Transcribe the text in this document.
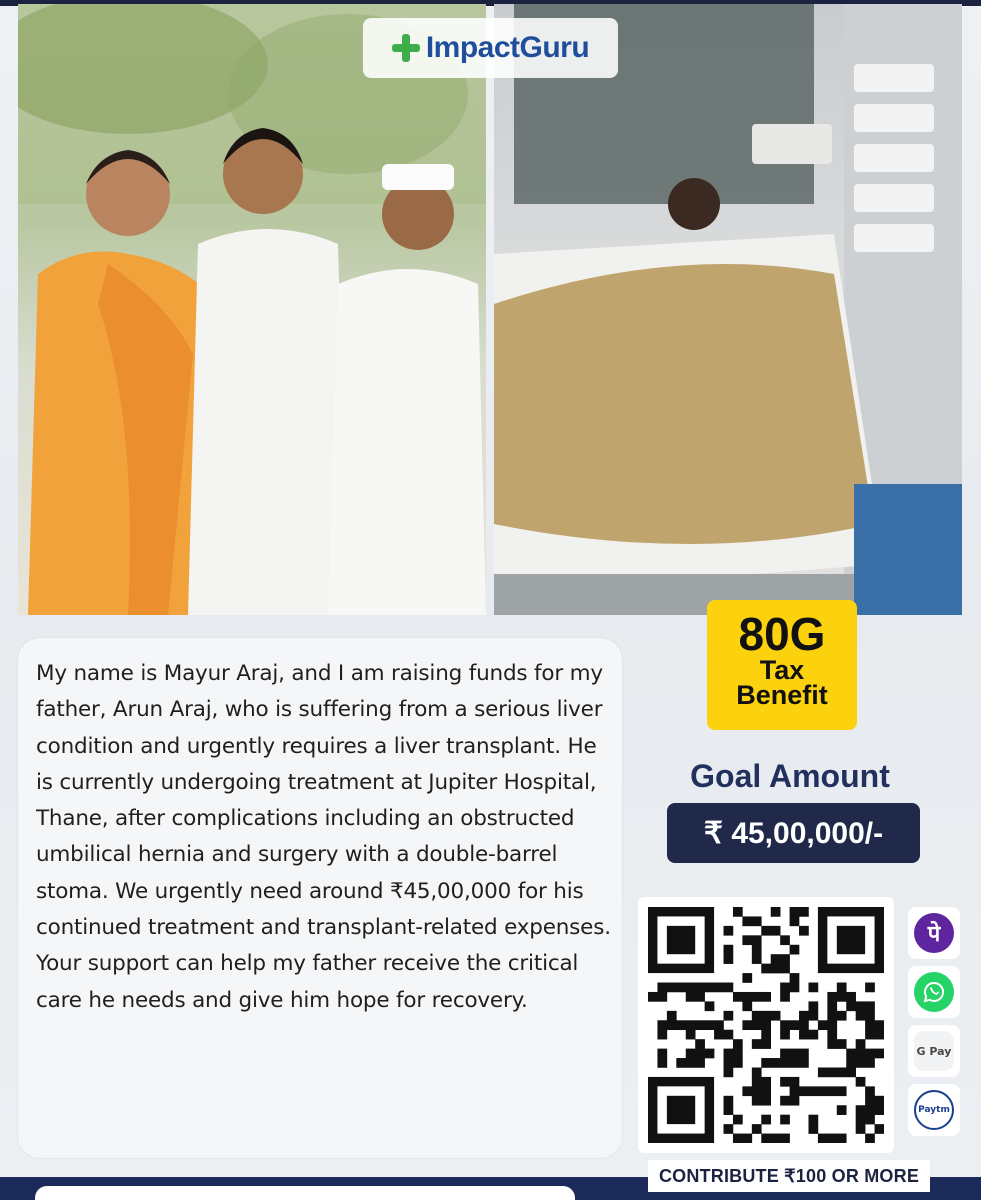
ImpactGuru

My name is Mayur Araj, and I am raising funds for my father, Arun Araj, who is suffering from a serious liver condition and urgently requires a liver transplant. He is currently undergoing treatment at Jupiter Hospital, Thane, after complications including an obstructed umbilical hernia and surgery with a double-barrel stoma. We urgently need around ₹45,00,000 for his continued treatment and transplant-related expenses. Your support can help my father receive the critical care he needs and give him hope for recovery.

80G
Tax
Benefit
Goal Amount
₹ 45,00,000/-
पे
G Pay
Paytm
CONTRIBUTE ₹100 OR MORE
